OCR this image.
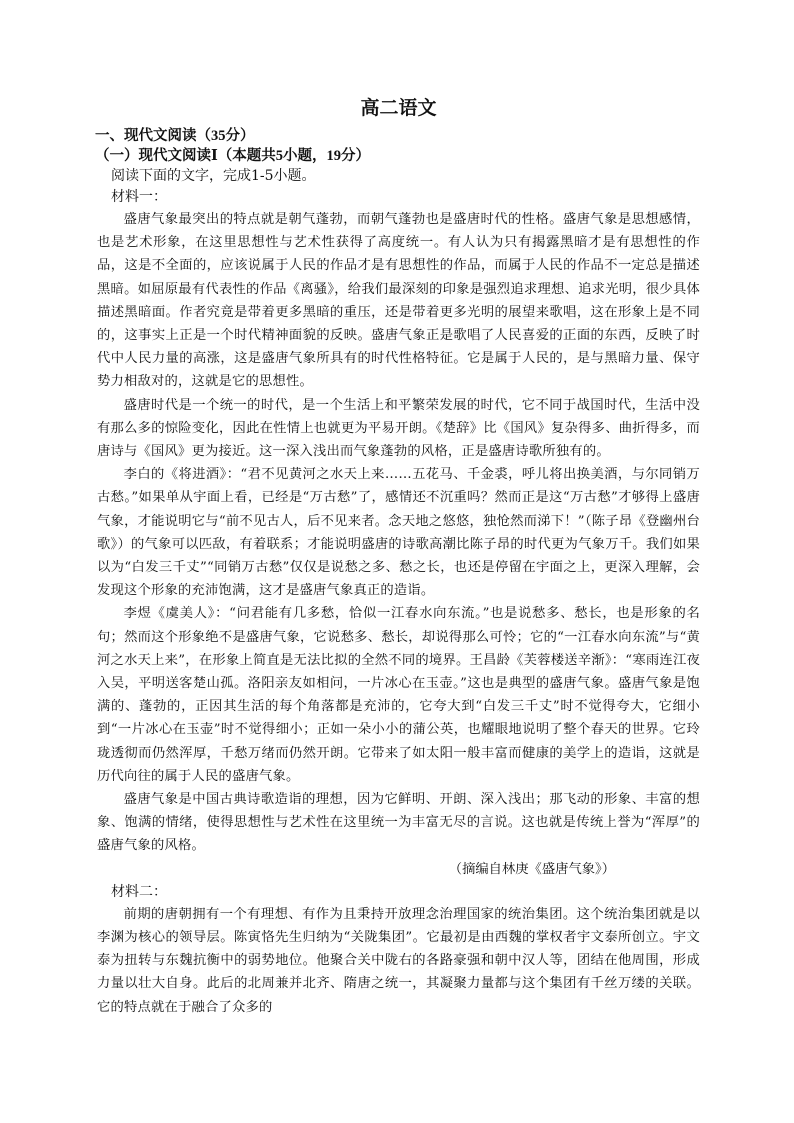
高二语文
一、现代文阅读（35分）
（一）现代文阅读Ⅰ（本题共5小题，19分）
阅读下面的文字，完成1-5小题。
材料一：

盛唐气象最突出的特点就是朝气蓬勃，而朝气蓬勃也是盛唐时代的性格。盛唐气象是思想感情，也是艺术形象，在这里思想性与艺术性获得了高度统一。有人认为只有揭露黑暗才是有思想性的作品，这是不全面的，应该说属于人民的作品才是有思想性的作品，而属于人民的作品不一定总是描述黑暗。如屈原最有代表性的作品《离骚》，给我们最深刻的印象是强烈追求理想、追求光明，很少具体描述黑暗面。作者究竟是带着更多黑暗的重压，还是带着更多光明的展望来歌唱，这在形象上是不同的，这事实上正是一个时代精神面貌的反映。盛唐气象正是歌唱了人民喜爱的正面的东西，反映了时代中人民力量的高涨，这是盛唐气象所具有的时代性格特征。它是属于人民的，是与黑暗力量、保守势力相敌对的，这就是它的思想性。

盛唐时代是一个统一的时代，是一个生活上和平繁荣发展的时代，它不同于战国时代，生活中没有那么多的惊险变化，因此在性情上也就更为平易开朗。《楚辞》比《国风》复杂得多、曲折得多，而唐诗与《国风》更为接近。这一深入浅出而气象蓬勃的风格，正是盛唐诗歌所独有的。

李白的《将进酒》：“君不见黄河之水天上来……五花马、千金裘，呼儿将出换美酒，与尔同销万古愁。”如果单从宇面上看，已经是“万古愁”了，感情还不沉重吗？然而正是这“万古愁”才够得上盛唐气象，才能说明它与“前不见古人，后不见来者。念天地之悠悠，独怆然而涕下！”（陈子昂《登幽州台歌》）的气象可以匹敌，有着联系；才能说明盛唐的诗歌高潮比陈子昂的时代更为气象万千。我们如果以为“白发三千丈”“同销万古愁”仅仅是说愁之多、愁之长，也还是停留在宇面之上，更深入理解，会发现这个形象的充沛饱满，这才是盛唐气象真正的造诣。

李煜《虞美人》：“问君能有几多愁，恰似一江春水向东流。”也是说愁多、愁长，也是形象的名句；然而这个形象绝不是盛唐气象，它说愁多、愁长，却说得那么可怜；它的“一江春水向东流”与“黄河之水天上来”，在形象上简直是无法比拟的全然不同的境界。王昌龄《芙蓉楼送辛渐》：“寒雨连江夜入吴，平明送客楚山孤。洛阳亲友如相问，一片冰心在玉壶。”这也是典型的盛唐气象。盛唐气象是饱满的、蓬勃的，正因其生活的每个角落都是充沛的，它夸大到“白发三千丈”时不觉得夸大，它细小到“一片冰心在玉壶”时不觉得细小；正如一朵小小的蒲公英，也耀眼地说明了整个春天的世界。它玲珑透彻而仍然浑厚，千愁万绪而仍然开朗。它带来了如太阳一般丰富而健康的美学上的造诣，这就是历代向往的属于人民的盛唐气象。

盛唐气象是中国古典诗歌造诣的理想，因为它鲜明、开朗、深入浅出；那飞动的形象、丰富的想象、饱满的情绪，使得思想性与艺术性在这里统一为丰富无尽的言说。这也就是传统上誉为“浑厚”的盛唐气象的风格。

（摘编自林庚《盛唐气象》）
材料二：

前期的唐朝拥有一个有理想、有作为且秉持开放理念治理国家的统治集团。这个统治集团就是以李渊为核心的领导层。陈寅恪先生归纳为“关陇集团”。它最初是由西魏的掌权者宇文泰所创立。宇文泰为扭转与东魏抗衡中的弱势地位。他聚合关中陇右的各路豪强和朝中汉人等，团结在他周围，形成力量以壮大自身。此后的北周兼并北齐、隋唐之统一，其凝聚力量都与这个集团有千丝万缕的关联。它的特点就在于融合了众多的
